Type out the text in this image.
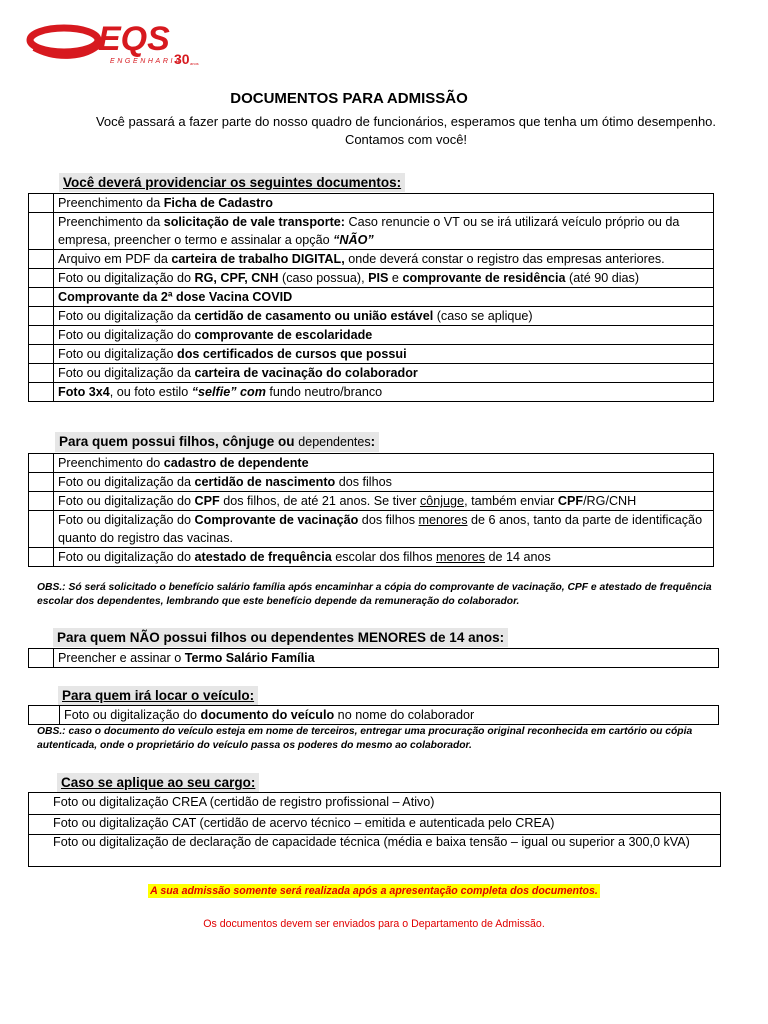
EQS
ENGENHARIA
30 anos
DOCUMENTOS PARA ADMISSÃO
Você passará a fazer parte do nosso quadro de funcionários, esperamos que tenha um ótimo desempenho.
Contamos com você!
Você deverá providenciar os seguintes documentos:
	Preenchimento da Ficha de Cadastro
	Preenchimento da solicitação de vale transporte: Caso renuncie o VT ou se irá utilizará veículo próprio ou da empresa, preencher o termo e assinalar a opção “NÃO”
	Arquivo em PDF da carteira de trabalho DIGITAL, onde deverá constar o registro das empresas anteriores.
	Foto ou digitalização do RG, CPF, CNH (caso possua), PIS e comprovante de residência (até 90 dias)
	Comprovante da 2ª dose Vacina COVID
	Foto ou digitalização da certidão de casamento ou união estável (caso se aplique)
	Foto ou digitalização do comprovante de escolaridade
	Foto ou digitalização dos certificados de cursos que possui
	Foto ou digitalização da carteira de vacinação do colaborador
	Foto 3x4, ou foto estilo “selfie” com fundo neutro/branco
Para quem possui filhos, cônjuge ou dependentes:
	Preenchimento do cadastro de dependente
	Foto ou digitalização da certidão de nascimento dos filhos
	Foto ou digitalização do CPF dos filhos, de até 21 anos. Se tiver cônjuge, também enviar CPF/RG/CNH
	Foto ou digitalização do Comprovante de vacinação dos filhos menores de 6 anos, tanto da parte de identificação quanto do registro das vacinas.
	Foto ou digitalização do atestado de frequência escolar dos filhos menores de 14 anos
OBS.: Só será solicitado o benefício salário família após encaminhar a cópia do comprovante de vacinação, CPF e atestado de frequência escolar dos dependentes, lembrando que este benefício depende da remuneração do colaborador.
Para quem NÃO possui filhos ou dependentes MENORES de 14 anos:
	Preencher e assinar o Termo Salário Família
Para quem irá locar o veículo:
	Foto ou digitalização do documento do veículo no nome do colaborador
OBS.: caso o documento do veículo esteja em nome de terceiros, entregar uma procuração original reconhecida em cartório ou cópia autenticada, onde o proprietário do veículo passa os poderes do mesmo ao colaborador.
Caso se aplique ao seu cargo:
Foto ou digitalização CREA (certidão de registro profissional – Ativo)
Foto ou digitalização CAT (certidão de acervo técnico – emitida e autenticada pelo CREA)
Foto ou digitalização de declaração de capacidade técnica (média e baixa tensão – igual ou superior a 300,0 kVA)
A sua admissão somente será realizada após a apresentação completa dos documentos.
Os documentos devem ser enviados para o Departamento de Admissão.
